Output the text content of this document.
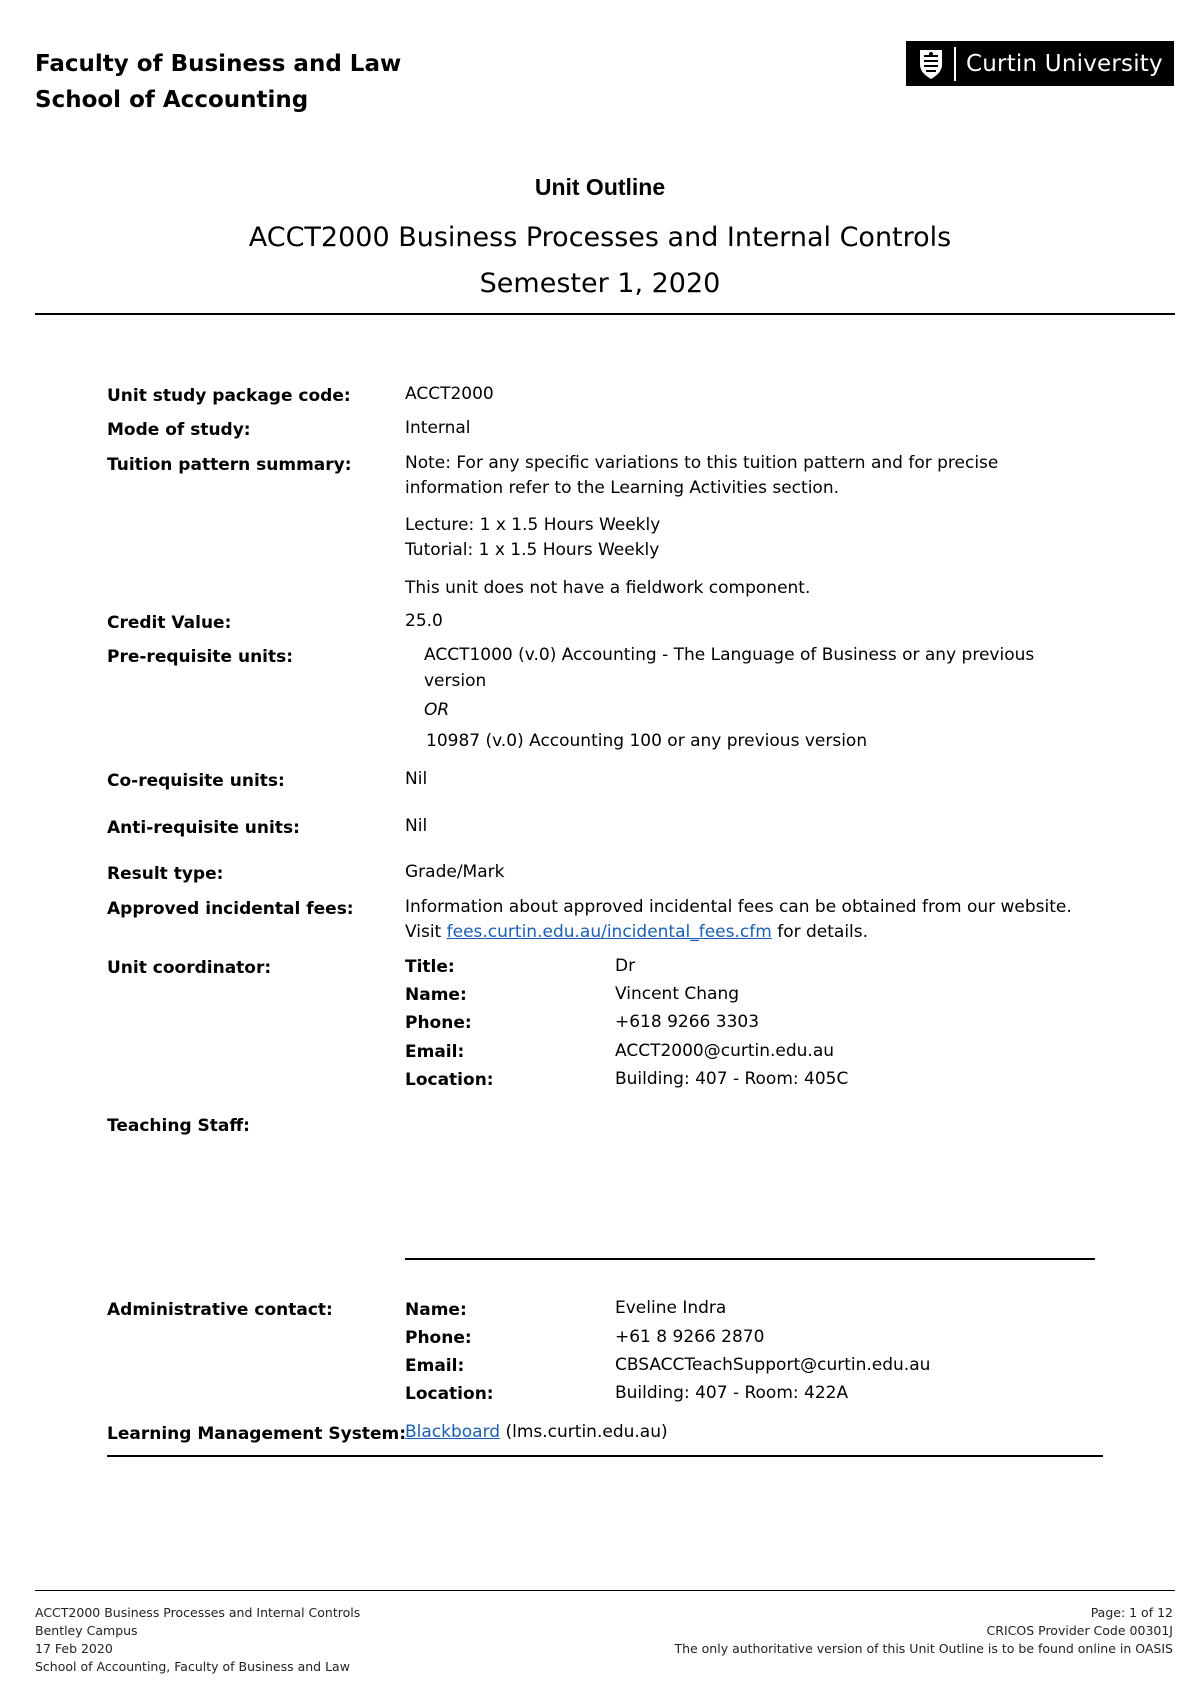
Faculty of Business and Law
School of Accounting
Curtin University
Unit Outline
ACCT2000 Business Processes and Internal Controls
Semester 1, 2020
Unit study package code:	ACCT2000
Mode of study:	Internal
Tuition pattern summary:	Note: For any specific variations to this tuition pattern and for precise
information refer to the Learning Activities section.
Lecture: 1 x 1.5 Hours Weekly
Tutorial: 1 x 1.5 Hours Weekly
This unit does not have a fieldwork component.
Credit Value:	25.0
Pre-requisite units:	ACCT1000 (v.0) Accounting - The Language of Business or any previous
version
OR
10987 (v.0) Accounting 100 or any previous version
Co-requisite units:	Nil
Anti-requisite units:	Nil
Result type:	Grade/Mark
Approved incidental fees:	Information about approved incidental fees can be obtained from our website.
Visit fees.curtin.edu.au/incidental_fees.cfm for details.
Unit coordinator:	Title:	Dr
Name:	Vincent Chang
Phone:	+618 9266 3303
Email:	ACCT2000@curtin.edu.au
Location:	Building: 407 - Room: 405C
Teaching Staff:
Administrative contact:	Name:	Eveline Indra
Phone:	+61 8 9266 2870
Email:	CBSACCTeachSupport@curtin.edu.au
Location:	Building: 407 - Room: 422A
Learning Management System:
Blackboard (lms.curtin.edu.au)
ACCT2000 Business Processes and Internal Controls
Bentley Campus
17 Feb 2020
School of Accounting, Faculty of Business and Law
Page: 1 of 12
CRICOS Provider Code 00301J
The only authoritative version of this Unit Outline is to be found online in OASIS
